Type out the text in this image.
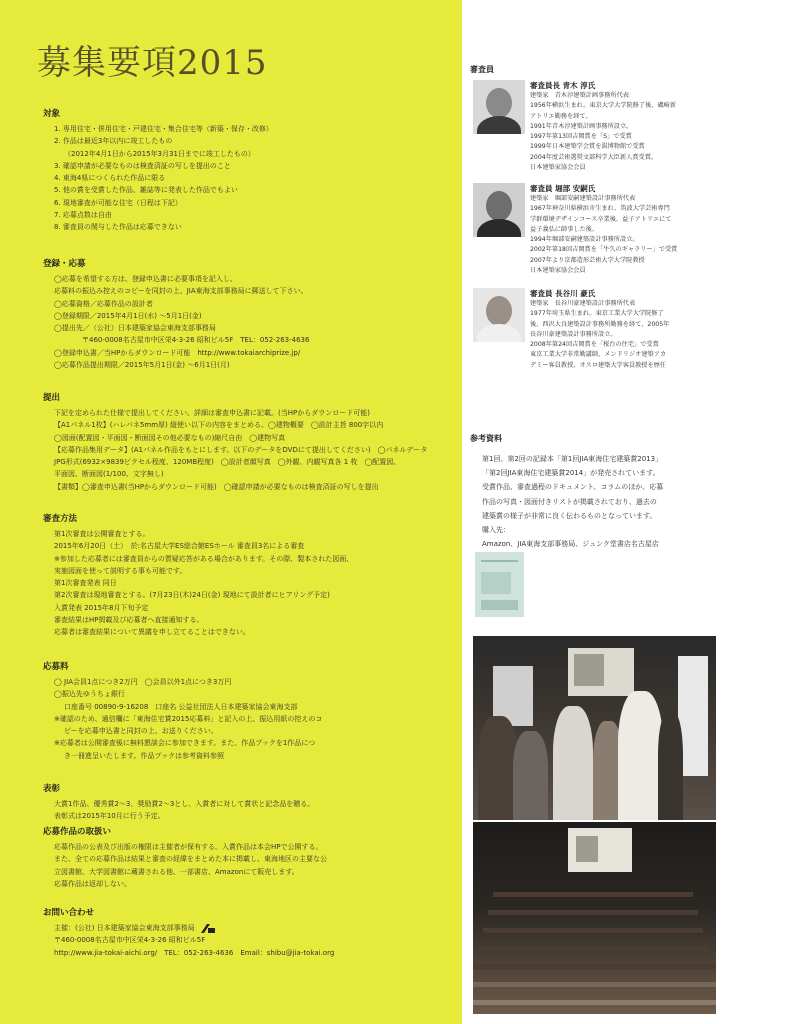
募集要項2015
対象
1. 専用住宅・併用住宅・戸建住宅・集合住宅等（新築・保存・改修）
2. 作品は最近3年以内に竣工したもの
（2012年4月1日から2015年3月31日までに竣工したもの）
3. 確認申請が必要なものは検査済証の写しを提出のこと
4. 東海4県につくられた作品に限る
5. 他の賞を受賞した作品、雑誌等に発表した作品でもよい
6. 現地審査が可能な住宅（日程は下記）
7. 応募点数は自由
8. 審査員の関与した作品は応募できない
登録・応募
◯応募を希望する方は、登録申込書に必要事項を記入し、
応募料の振込み控えのコピーを同封の上、JIA東海支部事務局に郵送して下さい。
◯応募資格／応募作品の設計者
◯登録期限／2015年4月1日(水) 〜5月1日(金)
◯提出先／（公社）日本建築家協会東海支部事務局
〒460-0008名古屋市中区栄4-3-26 昭和ビル5F　TEL：052-263-4636
◯登録申込書／当HPからダウンロード可能　http://www.tokaiarchiprize.jp/
◯応募作品提出期限／2015年5月1日(金) 〜6月1日(月)
提出
下記を定められた仕様で提出してください。詳細は審査申込書に記載。(当HPからダウンロード可能)
【A1パネル1枚】(ハレパネ5mm厚) 縦使い以下の内容をまとめる。◯建物概要　◯設計主旨 800字以内
◯図面(配置図・平面図・断面図その他必要なもの)縮尺自由　◯建物写真
【応募作品集用データ】(A1パネル作品をもとにします。以下のデータをDVDにて提出してください)　◯パネルデータ
JPG形式(6932×9839ピクセル程度、120MB程度)　◯設計者顔写真　◯外観、内観写真各 1 枚　◯配置図、
平面図、断面図(1/100、文字無し)
【書類】◯審査申込書(当HPからダウンロード可能)　◯確認申請が必要なものは検査済証の写しを提出
審査方法
第1次審査は公開審査とする。
2015年6月20日（土）　於:名古屋大学ES総合館ESホール 審査員3名による審査
※参加した応募者には審査員からの質疑応答がある場合があります。その際、製本された図面、
実施図面を使って説明する事も可能です。
第1次審査発表 同日
第2次審査は現地審査とする。(7月23日(木)24日(金) 現地にて設計者にヒアリング予定)
入賞発表 2015年8月下旬予定
審査結果はHP掲載及び応募者へ直接通知する。
応募者は審査結果について異議を申し立てることはできない。
応募料
◯ JIA会員1点につき2万円　◯会員以外1点につき3万円
◯振込先ゆうちょ銀行
口座番号 00890-9-16208　口座名 公益社団法人日本建築家協会東海支部
※確認のため、通信欄に「東海住宅賞2015応募料」と記入の上、振込用紙の控えのコ
ピーを応募申込書と同封の上、お送りください。
※応募者は公開審査後に無料懇談会に参加できます。また、作品ブックを1作品につ
き一冊進呈いたします。作品ブックは参考資料参照
表彰
大賞1作品、優秀賞2〜3、奨励賞2〜3とし、入賞者に対して賞状と記念品を贈る。
表彰式は2015年10月に行う予定。
応募作品の取扱い
応募作品の公表及び出版の権限は主催者が保有する。入賞作品は本会HPで公開する。
また、全ての応募作品は結果と審査の経緯をまとめた本に掲載し、東海地区の主要な公
立図書館、大学図書館に蔵書される他、一部書店、Amazonにて販売します。
応募作品は返却しない。
お問い合わせ
主催：(公社) 日本建築家協会東海支部事務局
〒460-0008名古屋市中区栄4-3-26 昭和ビル5F
http://www.jia-tokai-aichi.org/　TEL：052-263-4636　Email：shibu@jia-tokai.org
審査員
審査員長 青木 淳氏
建築家　青木淳建築計画事務所代表
1956年横浜生まれ。東京大学大学院修了後、磯崎新
アトリエ勤務を経て、
1991年青木淳建築計画事務所設立。
1997年第13回吉岡賞を「S」で受賞
1999年日本建築学会賞を潟博物館で受賞
2004年度芸術選奨文部科学大臣新人賞受賞。
日本建築家協会会員
審査員 堀部 安嗣氏
建築家　堀部安嗣建築設計事務所代表
1967年神奈川県横浜市生まれ、筑波大学芸術専門
学群環境デザインコース卒業後、益子アトリエにて
益子義弘に師事した後、
1994年堀部安嗣建築設計事務所設立。
2002年第18回吉岡賞を「牛久のギャラリー」で受賞
2007年より京都造形芸術大学大学院教授
日本建築家協会会員
審査員 長谷川 豪氏
建築家　長谷川豪建築設計事務所代表
1977年埼玉県生まれ。東京工業大学大学院修了
後、西沢大良建築設計事務所勤務を経て、2005年
長谷川豪建築設計事務所設立。
2008年第24回吉岡賞を「桜台の住宅」で受賞
東京工業大学非常勤講師、メンドリジオ建築アカ
デミー客員教授、オスロ建築大学客員教授を歴任
参考資料
第1回、第2回の記録本「第1回JIA東海住宅建築賞2013」
「第2回JIA東海住宅建築賞2014」が発売されています。
受賞作品、審査過程のドキュメント、コラムのほか、応募
作品の写真・図面付きリストが掲載されており、過去の
建築賞の様子が非常に良く伝わるものとなっています。
購入先：
Amazon、JIA東海支部事務局、ジュンク堂書店名古屋店
